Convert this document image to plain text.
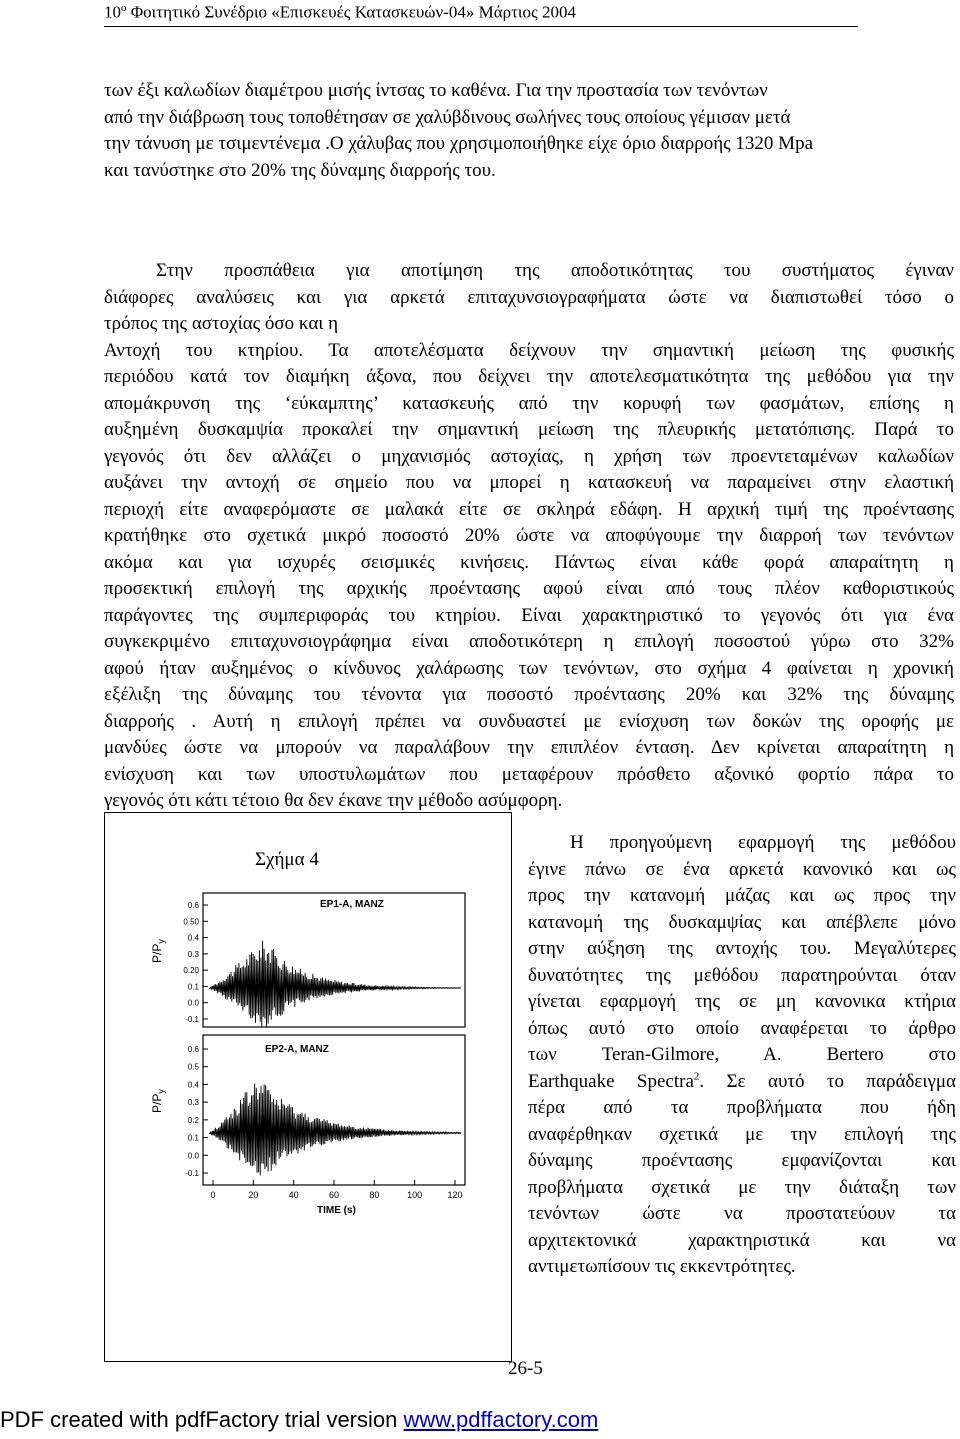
$10^o$ Φοιτητικό Συνέδριο «Επισκευές Κατασκευών-04» Μάρτιος 2004
των έξι καλωδίων διαμέτρου μισής ίντσας το καθένα. Για την προστασία των τενόντων
από την διάβρωση τους τοποθέτησαν σε χαλύβδινους σωλήνες τους οποίους γέμισαν μετά
την τάνυση με τσιμεντένεμα .Ο χάλυβας που χρησιμοποιήθηκε είχε όριο διαρροής 1320 Mpa
και τανύστηκε στο 20% της δύναμης διαρροής του.
Στην προσπάθεια για αποτίμηση της αποδοτικότητας του συστήματος έγιναν
διάφορες αναλύσεις και για αρκετά επιταχυνσιογραφήματα ώστε να διαπιστωθεί τόσο ο
τρόπος της αστοχίας όσο και η
Αντοχή του κτηρίου. Τα αποτελέσματα δείχνουν την σημαντική μείωση της φυσικής
περιόδου κατά τον διαμήκη άξονα, που δείχνει την αποτελεσματικότητα της μεθόδου για την
απομάκρυνση της ‘εύκαμπτης’ κατασκευής από την κορυφή των φασμάτων, επίσης η
αυξημένη δυσκαμψία προκαλεί την σημαντική μείωση της πλευρικής μετατόπισης. Παρά το
γεγονός ότι δεν αλλάζει ο μηχανισμός αστοχίας, η χρήση των προεντεταμένων καλωδίων
αυξάνει την αντοχή σε σημείο που να μπορεί η κατασκευή να παραμείνει στην ελαστική
περιοχή είτε αναφερόμαστε σε μαλακά είτε σε σκληρά εδάφη. Η αρχική τιμή της προέντασης
κρατήθηκε στο σχετικά μικρό ποσοστό 20% ώστε να αποφύγουμε την διαρροή των τενόντων
ακόμα και για ισχυρές σεισμικές κινήσεις. Πάντως είναι κάθε φορά απαραίτητη η
προσεκτική επιλογή της αρχικής προέντασης αφού είναι από τους πλέον καθοριστικούς
παράγοντες της συμπεριφοράς του κτηρίου. Είναι χαρακτηριστικό το γεγονός ότι για ένα
συγκεκριμένο επιταχυνσιογράφημα είναι αποδοτικότερη η επιλογή ποσοστού γύρω στο 32%
αφού ήταν αυξημένος ο κίνδυνος χαλάρωσης των τενόντων, στο σχήμα 4 φαίνεται η χρονική
εξέλιξη της δύναμης του τένοντα για ποσοστό προέντασης 20% και 32% της δύναμης
διαρροής . Αυτή η επιλογή πρέπει να συνδυαστεί με ενίσχυση των δοκών της οροφής με
μανδύες ώστε να μπορούν να παραλάβουν την επιπλέον ένταση. Δεν κρίνεται απαραίτητη η
ενίσχυση και των υποστυλωμάτων που μεταφέρουν πρόσθετο αξονικό φορτίο πάρα το
γεγονός ότι κάτι τέτοιο θα δεν έκανε την μέθοδο ασύμφορη.
Σχήμα 4
0.6
0.50
0.4
0.3
0.20
0.1
0.0
-0.1
EP1-A, MANZ
$P/P_y$
0.6
0.5
0.4
0.3
0.2
0.1
0.0
-0.1
0	20	40	60	80	100	120
EP2-A, MANZ
$P/P_y$
TIME (s)
Η προηγούμενη εφαρμογή της μεθόδου
έγινε πάνω σε ένα αρκετά κανονικό και ως
προς την κατανομή μάζας και ως προς την
κατανομή της δυσκαμψίας και απέβλεπε μόνο
στην αύξηση της αντοχής του. Μεγαλύτερες
δυνατότητες της μεθόδου παρατηρούνται όταν
γίνεται εφαρμογή της σε μη κανονικα κτήρια
όπως αυτό στο οποίο αναφέρεται το άρθρο
των Teran-Gilmore, A. Bertero στο
Earthquake Spectra$^2$. Σε αυτό το παράδειγμα
πέρα από τα προβλήματα που ήδη
αναφέρθηκαν σχετικά με την επιλογή της
δύναμης προέντασης εμφανίζονται και
προβλήματα σχετικά με την διάταξη των
τενόντων ώστε να προστατεύουν τα
αρχιτεκτονικά χαρακτηριστικά και να
αντιμετωπίσουν τις εκκεντρότητες.
26-5
PDF created with pdfFactory trial version www.pdffactory.com
